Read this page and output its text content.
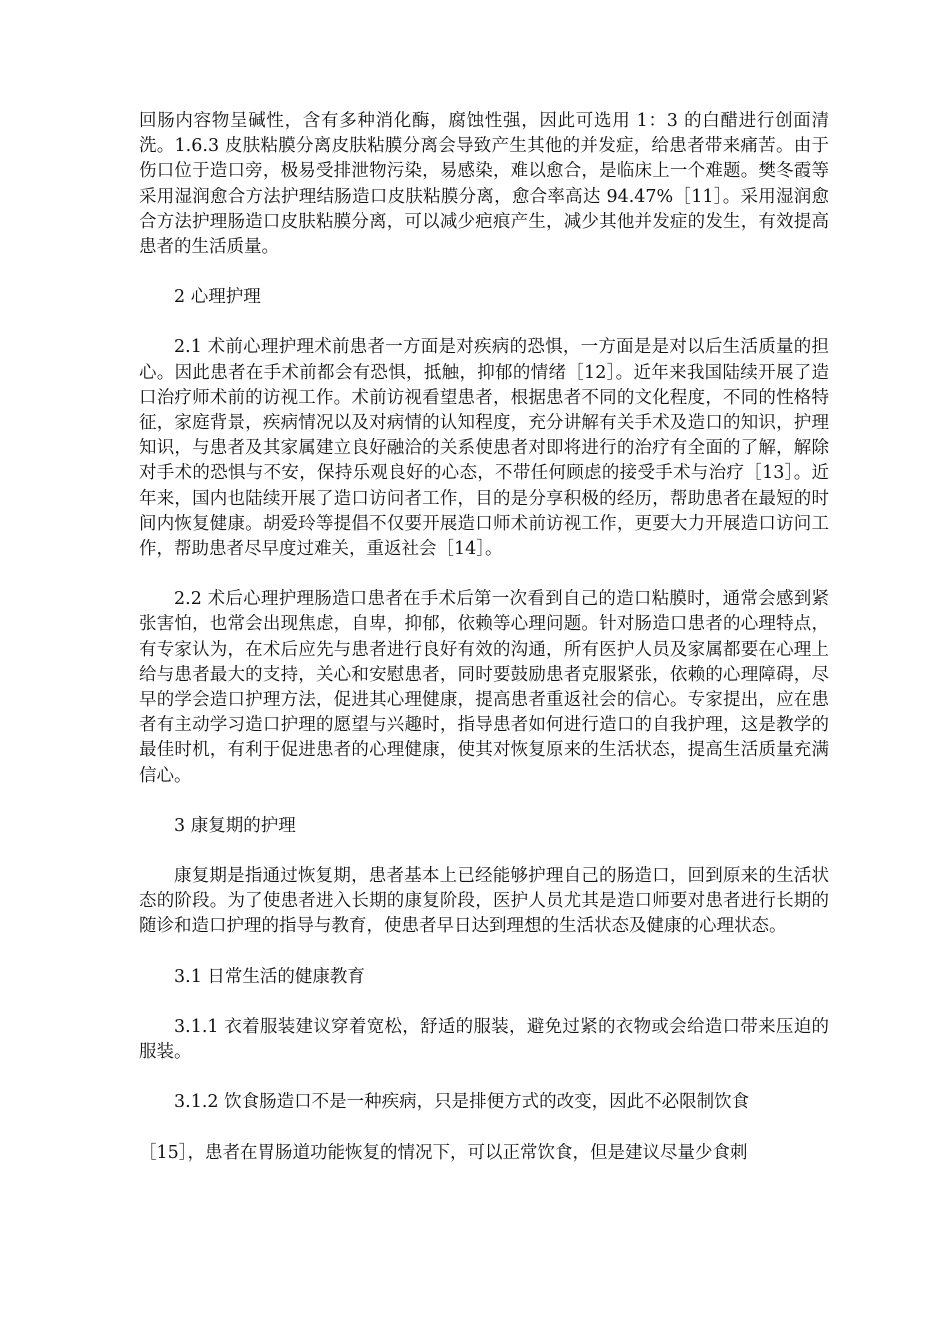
回肠内容物呈碱性，含有多种消化酶，腐蚀性强，因此可选用 1：3 的白醋进行创面清洗。1.6.3 皮肤粘膜分离皮肤粘膜分离会导致产生其他的并发症，给患者带来痛苦。由于伤口位于造口旁，极易受排泄物污染，易感染，难以愈合，是临床上一个难题。樊冬霞等采用湿润愈合方法护理结肠造口皮肤粘膜分离，愈合率高达 94.47%［11］。采用湿润愈合方法护理肠造口皮肤粘膜分离，可以减少疤痕产生，减少其他并发症的发生，有效提高患者的生活质量。

2 心理护理

2.1 术前心理护理术前患者一方面是对疾病的恐惧，一方面是是对以后生活质量的担心。因此患者在手术前都会有恐惧，抵触，抑郁的情绪［12］。近年来我国陆续开展了造口治疗师术前的访视工作。术前访视看望患者，根据患者不同的文化程度，不同的性格特征，家庭背景，疾病情况以及对病情的认知程度，充分讲解有关手术及造口的知识，护理知识，与患者及其家属建立良好融洽的关系使患者对即将进行的治疗有全面的了解，解除对手术的恐惧与不安，保持乐观良好的心态，不带任何顾虑的接受手术与治疗［13］。近年来，国内也陆续开展了造口访问者工作，目的是分享积极的经历，帮助患者在最短的时间内恢复健康。胡爱玲等提倡不仅要开展造口师术前访视工作，更要大力开展造口访问工作，帮助患者尽早度过难关，重返社会［14］。

2.2 术后心理护理肠造口患者在手术后第一次看到自己的造口粘膜时，通常会感到紧张害怕，也常会出现焦虑，自卑，抑郁，依赖等心理问题。针对肠造口患者的心理特点，有专家认为，在术后应先与患者进行良好有效的沟通，所有医护人员及家属都要在心理上给与患者最大的支持，关心和安慰患者，同时要鼓励患者克服紧张，依赖的心理障碍，尽早的学会造口护理方法，促进其心理健康，提高患者重返社会的信心。专家提出，应在患者有主动学习造口护理的愿望与兴趣时，指导患者如何进行造口的自我护理，这是教学的最佳时机，有利于促进患者的心理健康，使其对恢复原来的生活状态，提高生活质量充满信心。

3 康复期的护理

康复期是指通过恢复期，患者基本上已经能够护理自己的肠造口，回到原来的生活状态的阶段。为了使患者进入长期的康复阶段，医护人员尤其是造口师要对患者进行长期的随诊和造口护理的指导与教育，使患者早日达到理想的生活状态及健康的心理状态。

3.1 日常生活的健康教育

3.1.1 衣着服装建议穿着宽松，舒适的服装，避免过紧的衣物或会给造口带来压迫的服装。

3.1.2 饮食肠造口不是一种疾病，只是排便方式的改变，因此不必限制饮食

［15］，患者在胃肠道功能恢复的情况下，可以正常饮食，但是建议尽量少食刺
